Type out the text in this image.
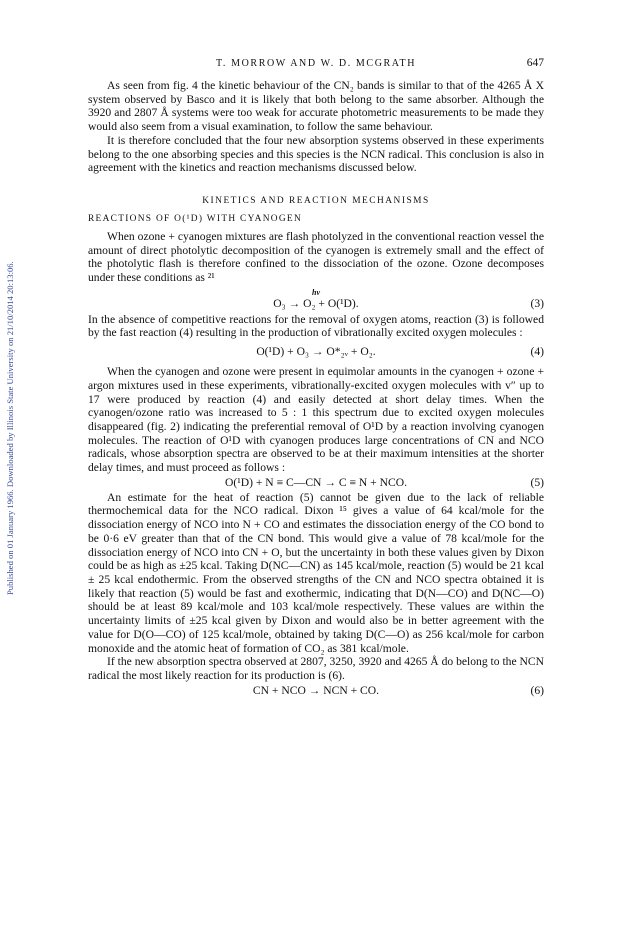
Published on 01 January 1966. Downloaded by Illinois State University on 21/10/2014 20:13:06.
T. MORROW AND W. D. MCGRATH	647

As seen from fig. 4 the kinetic behaviour of the CN₂ bands is similar to that of the 4265 Å X system observed by Basco and it is likely that both belong to the same absorber. Although the 3920 and 2807 Å systems were too weak for accurate photometric measurements to be made they would also seem from a visual examination, to follow the same behaviour.

It is therefore concluded that the four new absorption systems observed in these experiments belong to the one absorbing species and this species is the NCN radical. This conclusion is also in agreement with the kinetics and reaction mechanisms discussed below.

KINETICS AND REACTION MECHANISMS
REACTIONS OF O(¹D) WITH CYANOGEN

When ozone + cyanogen mixtures are flash photolyzed in the conventional reaction vessel the amount of direct photolytic decomposition of the cyanogen is extremely small and the effect of the photolytic flash is therefore confined to the dissociation of the ozone. Ozone decomposes under these conditions as ²¹

hν
O₃ → O₂ + O(¹D).	(3)

In the absence of competitive reactions for the removal of oxygen atoms, reaction (3) is followed by the fast reaction (4) resulting in the production of vibrationally excited oxygen molecules :

O(¹D) + O₃ → O*₂ᵥ + O₂.	(4)

When the cyanogen and ozone were present in equimolar amounts in the cyanogen + ozone + argon mixtures used in these experiments, vibrationally-excited oxygen molecules with v″ up to 17 were produced by reaction (4) and easily detected at short delay times. When the cyanogen/ozone ratio was increased to 5 : 1 this spectrum due to excited oxygen molecules disappeared (fig. 2) indicating the preferential removal of O¹D by a reaction involving cyanogen molecules. The reaction of O¹D with cyanogen produces large concentrations of CN and NCO radicals, whose absorption spectra are observed to be at their maximum intensities at the shorter delay times, and must proceed as follows :

O(¹D) + N ≡ C—CN → C ≡ N + NCO.	(5)

An estimate for the heat of reaction (5) cannot be given due to the lack of reliable thermochemical data for the NCO radical. Dixon ¹⁵ gives a value of 64 kcal/mole for the dissociation energy of NCO into N + CO and estimates the dissociation energy of the CO bond to be 0·6 eV greater than that of the CN bond. This would give a value of 78 kcal/mole for the dissociation energy of NCO into CN + O, but the uncertainty in both these values given by Dixon could be as high as ±25 kcal. Taking D(NC—CN) as 145 kcal/mole, reaction (5) would be 21 kcal ± 25 kcal endothermic. From the observed strengths of the CN and NCO spectra obtained it is likely that reaction (5) would be fast and exothermic, indicating that D(N—CO) and D(NC—O) should be at least 89 kcal/mole and 103 kcal/mole respectively. These values are within the uncertainty limits of ±25 kcal given by Dixon and would also be in better agreement with the value for D(O—CO) of 125 kcal/mole, obtained by taking D(C—O) as 256 kcal/mole for carbon monoxide and the atomic heat of formation of CO₂ as 381 kcal/mole.

If the new absorption spectra observed at 2807, 3250, 3920 and 4265 Å do belong to the NCN radical the most likely reaction for its production is (6).

CN + NCO → NCN + CO.	(6)
